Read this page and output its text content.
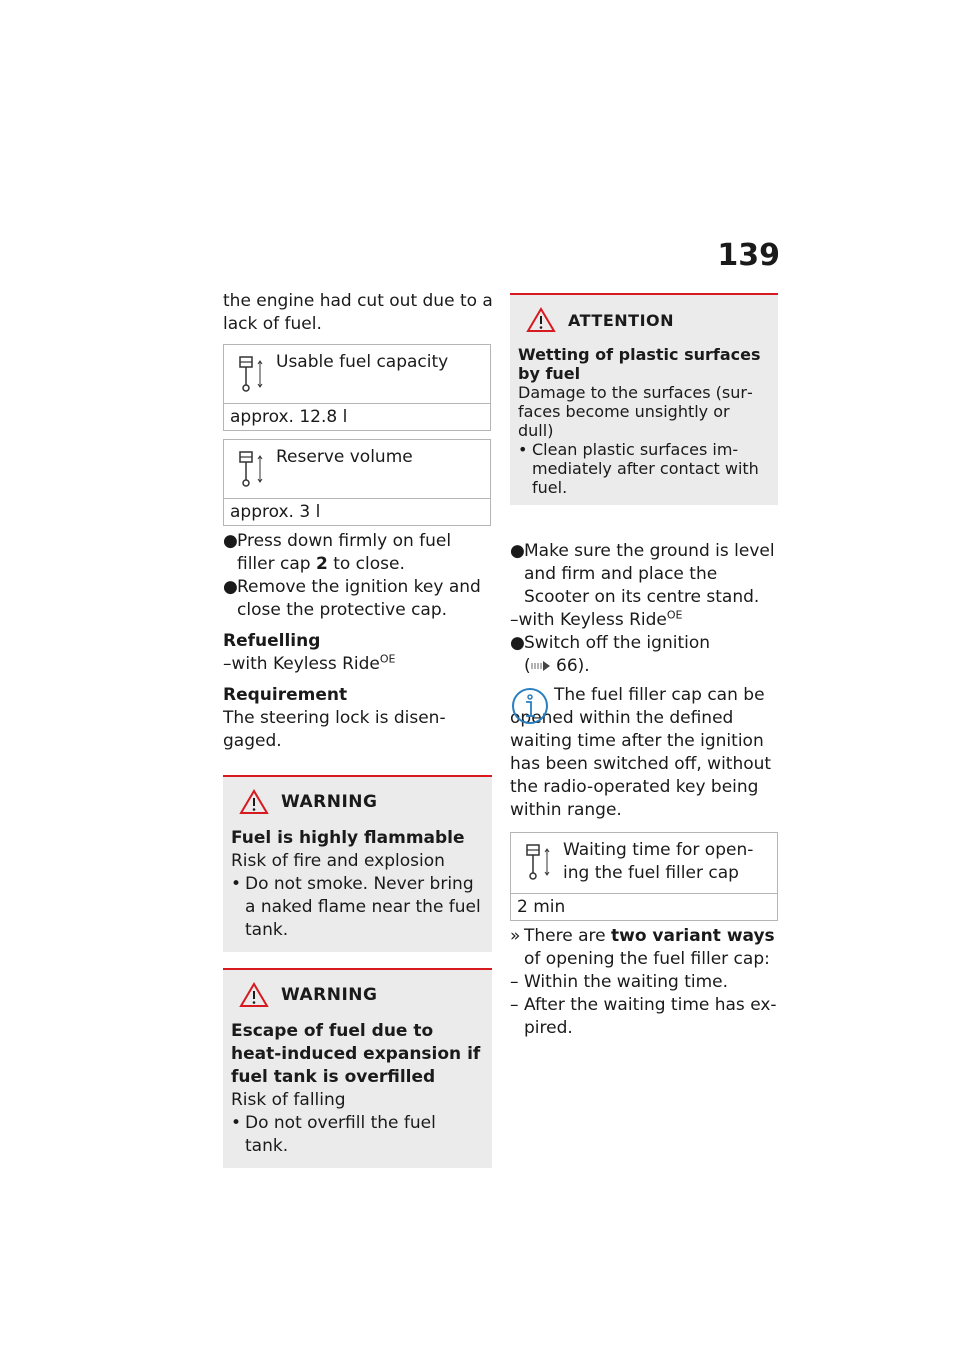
139

the engine had cut out due to a lack of fuel.

Usable fuel capacity
approx. 12.8 l
Reserve volume
approx. 3 l
● Press down firmly on fuel filler cap 2 to close.
● Remove the ignition key and close the protective cap.

Refuelling

–with Keyless Ride$^{OE}$

Requirement

The steering lock is disengaged.

WARNING

Fuel is highly flammable

Risk of fire and explosion

• Do not smoke. Never bring a naked flame near the fuel tank.
WARNING

Escape of fuel due to heat-induced expansion if fuel tank is overfilled

Risk of falling

• Do not overfill the fuel tank.
ATTENTION

Wetting of plastic surfaces by fuel

Damage to the surfaces (surfaces become unsightly or dull)

• Clean plastic surfaces immediately after contact with fuel.
● Make sure the ground is level and firm and place the Scooter on its centre stand.

–with Keyless Ride$^{OE}$

● Switch off the ignition
( 66).

The fuel filler cap can be opened within the defined waiting time after the ignition has been switched off, without the radio-operated key being within range.

Waiting time for opening the fuel filler cap
2 min
» There are two variant ways of opening the fuel filler cap:
– Within the waiting time.
– After the waiting time has expired.
